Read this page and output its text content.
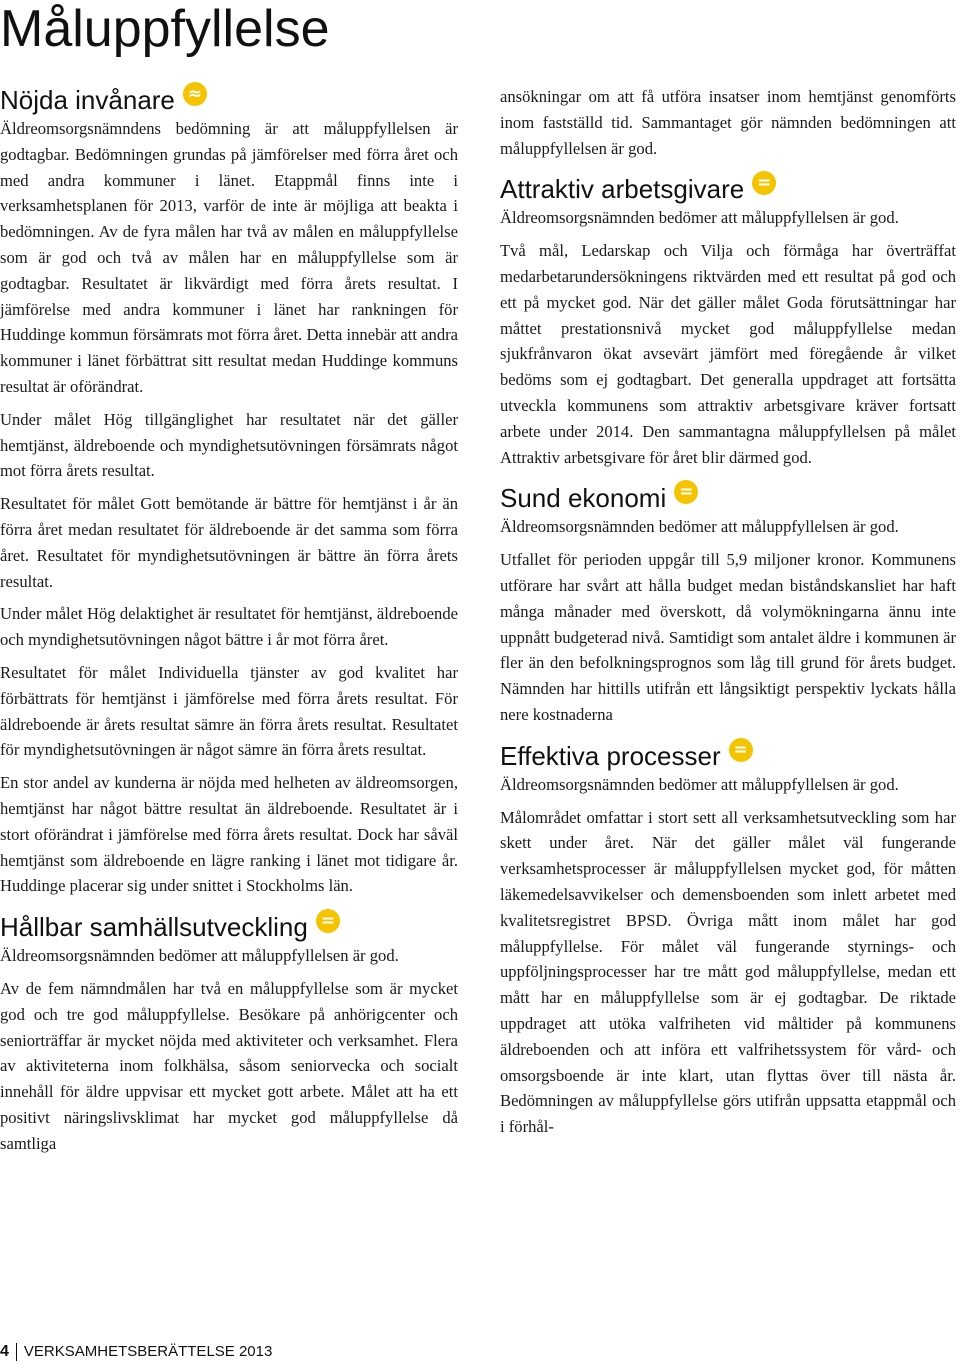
Måluppfyllelse
Nöjda invånare ≈

Äldreomsorgsnämndens bedömning är att måluppfyllelsen är godtagbar. Bedömningen grundas på jämförelser med förra året och med andra kommuner i länet. Etappmål finns inte i verksamhetsplanen för 2013, varför de inte är möjliga att beakta i bedömningen. Av de fyra målen har två av målen en måluppfyllelse som är god och två av målen har en måluppfyllelse som är godtagbar. Resultatet är likvärdigt med förra årets resultat. I jämförelse med andra kommuner i länet har rankningen för Huddinge kommun försämrats mot förra året. Detta innebär att andra kommuner i länet förbättrat sitt resultat medan Huddinge kommuns resultat är oförändrat.

Under målet Hög tillgänglighet har resultatet när det gäller hemtjänst, äldreboende och myndighetsutövningen försämrats något mot förra årets resultat.

Resultatet för målet Gott bemötande är bättre för hemtjänst i år än förra året medan resultatet för äldreboende är det samma som förra året. Resultatet för myndighetsutövningen är bättre än förra årets resultat.

Under målet Hög delaktighet är resultatet för hemtjänst, äldreboende och myndighetsutövningen något bättre i år mot förra året.

Resultatet för målet Individuella tjänster av god kvalitet har förbättrats för hemtjänst i jämförelse med förra årets resultat. För äldreboende är årets resultat sämre än förra årets resultat. Resultatet för myndighetsutövningen är något sämre än förra årets resultat.

En stor andel av kunderna är nöjda med helheten av äldreomsorgen, hemtjänst har något bättre resultat än äldreboende. Resultatet är i stort oförändrat i jämförelse med förra årets resultat. Dock har såväl hemtjänst som äldreboende en lägre ranking i länet mot tidigare år. Huddinge placerar sig under snittet i Stockholms län.

Hållbar samhällsutveckling =

Äldreomsorgsnämnden bedömer att måluppfyllelsen är god.

Av de fem nämndmålen har två en måluppfyllelse som är mycket god och tre god måluppfyllelse. Besökare på anhörigcenter och seniorträffar är mycket nöjda med aktiviteter och verksamhet. Flera av aktiviteterna inom folkhälsa, såsom seniorvecka och socialt innehåll för äldre uppvisar ett mycket gott arbete. Målet att ha ett positivt näringslivsklimat har mycket god måluppfyllelse då samtliga

ansökningar om att få utföra insatser inom hemtjänst genomförts inom fastställd tid. Sammantaget gör nämnden bedömningen att måluppfyllelsen är god.

Attraktiv arbetsgivare =

Äldreomsorgsnämnden bedömer att måluppfyllelsen är god.

Två mål, Ledarskap och Vilja och förmåga har överträffat medarbetarundersökningens riktvärden med ett resultat på god och ett på mycket god. När det gäller målet Goda förutsättningar har måttet prestationsnivå mycket god måluppfyllelse medan sjukfrånvaron ökat avsevärt jämfört med föregående år vilket bedöms som ej godtagbart. Det generalla uppdraget att fortsätta utveckla kommunens som attraktiv arbetsgivare kräver fortsatt arbete under 2014. Den sammantagna måluppfyllelsen på målet Attraktiv arbetsgivare för året blir därmed god.

Sund ekonomi =

Äldreomsorgsnämnden bedömer att måluppfyllelsen är god.

Utfallet för perioden uppgår till 5,9 miljoner kronor. Kommunens utförare har svårt att hålla budget medan biståndskansliet har haft många månader med överskott, då volymökningarna ännu inte uppnått budgeterad nivå. Samtidigt som antalet äldre i kommunen är fler än den befolkningsprognos som låg till grund för årets budget. Nämnden har hittills utifrån ett långsiktigt perspektiv lyckats hålla nere kostnaderna

Effektiva processer =

Äldreomsorgsnämnden bedömer att måluppfyllelsen är god.

Målområdet omfattar i stort sett all verksamhetsutveckling som har skett under året. När det gäller målet väl fungerande verksamhetsprocesser är måluppfyllelsen mycket god, för måtten läkemedelsavvikelser och demensboenden som inlett arbetet med kvalitetsregistret BPSD. Övriga mått inom målet har god måluppfyllelse. För målet väl fungerande styrnings- och uppföljningsprocesser har tre mått god måluppfyllelse, medan ett mått har en måluppfyllelse som är ej godtagbar. De riktade uppdraget att utöka valfriheten vid måltider på kommunens äldreboenden och att införa ett valfrihetssystem för vård- och omsorgsboende är inte klart, utan flyttas över till nästa år. Bedömningen av måluppfyllelse görs utifrån uppsatta etappmål och i förhål-

4 VERKSAMHETSBERÄTTELSE 2013
